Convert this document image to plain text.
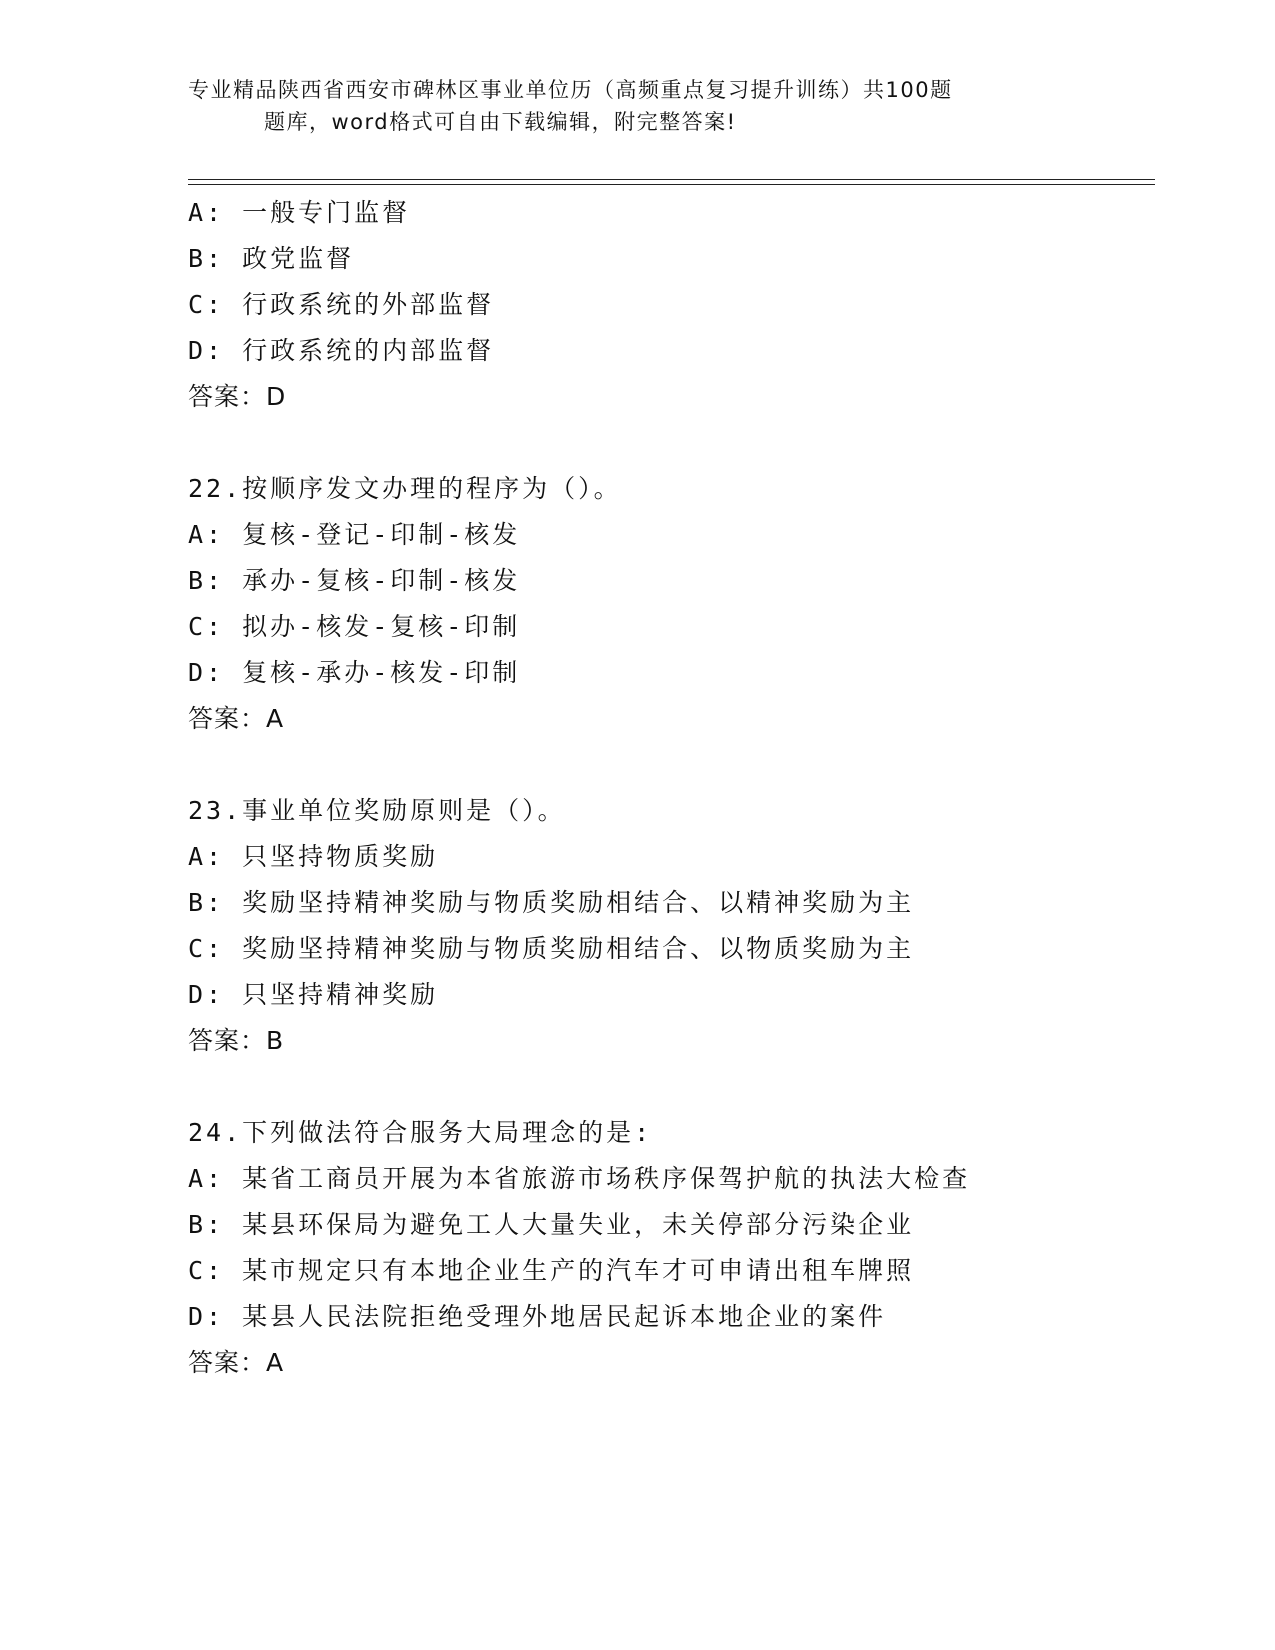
专业精品陕西省西安市碑林区事业单位历（高频重点复习提升训练）共100题
题库，word格式可自由下载编辑，附完整答案!
A: 一般专门监督
B: 政党监督
C: 行政系统的外部监督
D: 行政系统的内部监督
答案：D
22.按顺序发文办理的程序为（）。
A: 复核-登记-印制-核发
B: 承办-复核-印制-核发
C: 拟办-核发-复核-印制
D: 复核-承办-核发-印制
答案：A
23.事业单位奖励原则是（）。
A: 只坚持物质奖励
B: 奖励坚持精神奖励与物质奖励相结合、以精神奖励为主
C: 奖励坚持精神奖励与物质奖励相结合、以物质奖励为主
D: 只坚持精神奖励
答案：B
24.下列做法符合服务大局理念的是:
A: 某省工商员开展为本省旅游市场秩序保驾护航的执法大检查
B: 某县环保局为避免工人大量失业，未关停部分污染企业
C: 某市规定只有本地企业生产的汽车才可申请出租车牌照
D: 某县人民法院拒绝受理外地居民起诉本地企业的案件
答案：A
